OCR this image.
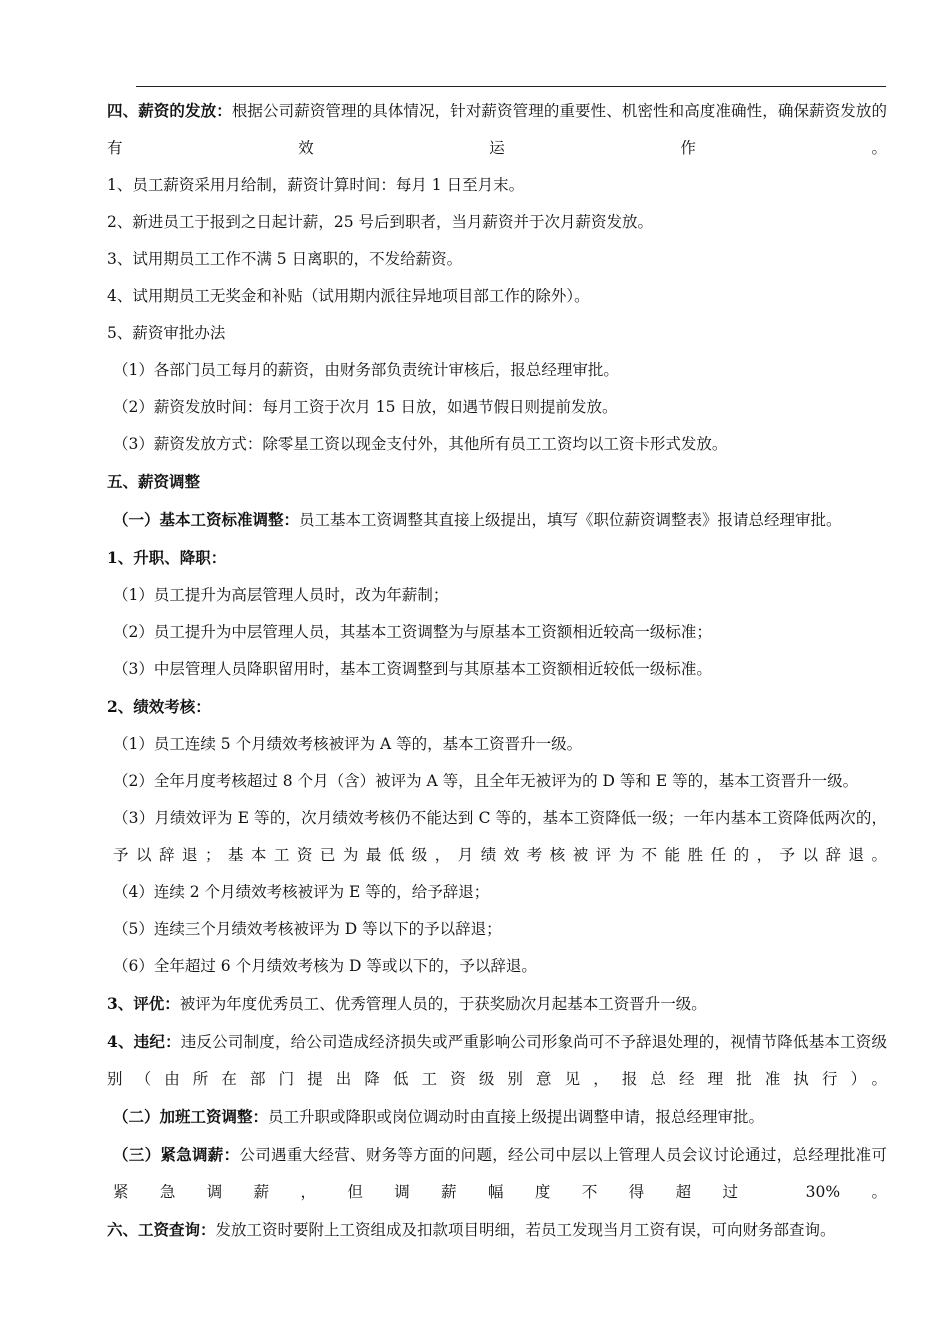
四、薪资的发放：根据公司薪资管理的具体情况，针对薪资管理的重要性、机密性和高度准确性，确保薪资发放的有效运作。
1、员工薪资采用月给制，薪资计算时间：每月 1 日至月末。
2、新进员工于报到之日起计薪，25 号后到职者，当月薪资并于次月薪资发放。
3、试用期员工工作不满 5 日离职的，不发给薪资。
4、试用期员工无奖金和补贴（试用期内派往异地项目部工作的除外）。
5、薪资审批办法
（1）各部门员工每月的薪资，由财务部负责统计审核后，报总经理审批。
（2）薪资发放时间：每月工资于次月 15 日放，如遇节假日则提前发放。
（3）薪资发放方式：除零星工资以现金支付外，其他所有员工工资均以工资卡形式发放。
五、薪资调整
（一）基本工资标准调整：员工基本工资调整其直接上级提出，填写《职位薪资调整表》报请总经理审批。
1、升职、降职：
（1）员工提升为高层管理人员时，改为年薪制；
（2）员工提升为中层管理人员，其基本工资调整为与原基本工资额相近较高一级标准；
（3）中层管理人员降职留用时，基本工资调整到与其原基本工资额相近较低一级标准。
2、绩效考核：
（1）员工连续 5 个月绩效考核被评为 A 等的，基本工资晋升一级。
（2）全年月度考核超过 8 个月（含）被评为 A 等，且全年无被评为的 D 等和 E 等的，基本工资晋升一级。
（3）月绩效评为 E 等的，次月绩效考核仍不能达到 C 等的，基本工资降低一级；一年内基本工资降低两次的，予以辞退；基本工资已为最低级，月绩效考核被评为不能胜任的，予以辞退。
（4）连续 2 个月绩效考核被评为 E 等的，给予辞退；
（5）连续三个月绩效考核被评为 D 等以下的予以辞退；
（6）全年超过 6 个月绩效考核为 D 等或以下的，予以辞退。
3、评优：被评为年度优秀员工、优秀管理人员的，于获奖励次月起基本工资晋升一级。
4、违纪：违反公司制度，给公司造成经济损失或严重影响公司形象尚可不予辞退处理的，视情节降低基本工资级别（由所在部门提出降低工资级别意见，报总经理批准执行）。
（二）加班工资调整：员工升职或降职或岗位调动时由直接上级提出调整申请，报总经理审批。
（三）紧急调薪：公司遇重大经营、财务等方面的问题，经公司中层以上管理人员会议讨论通过，总经理批准可紧急调薪，但调薪幅度不得超过 30%。
六、工资查询：发放工资时要附上工资组成及扣款项目明细，若员工发现当月工资有误，可向财务部查询。
